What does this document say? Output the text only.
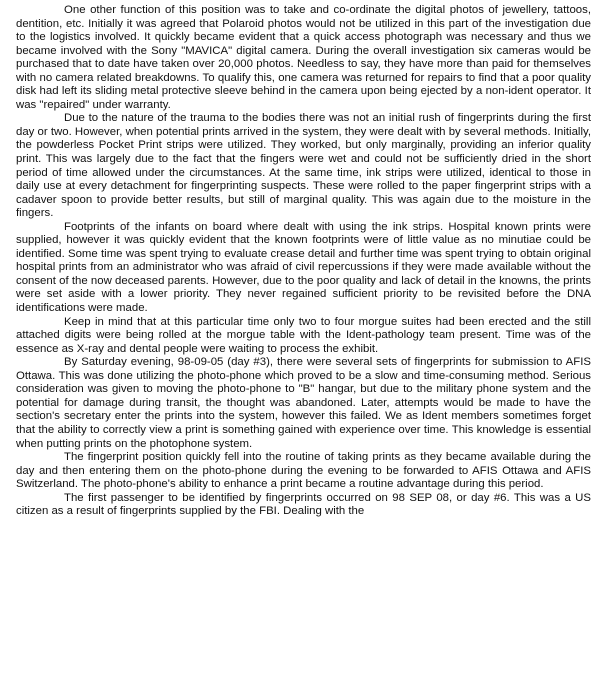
One other function of this position was to take and co-ordinate the digital photos of jewellery, tattoos, dentition, etc. Initially it was agreed that Polaroid photos would not be utilized in this part of the investigation due to the logistics involved. It quickly became evident that a quick access photograph was necessary and thus we became involved with the Sony "MAVICA" digital camera. During the overall investigation six cameras would be purchased that to date have taken over 20,000 photos. Needless to say, they have more than paid for themselves with no camera related breakdowns. To qualify this, one camera was returned for repairs to find that a poor quality disk had left its sliding metal protective sleeve behind in the camera upon being ejected by a non-ident operator. It was "repaired" under warranty.

Due to the nature of the trauma to the bodies there was not an initial rush of fingerprints during the first day or two. However, when potential prints arrived in the system, they were dealt with by several methods. Initially, the powderless Pocket Print strips were utilized. They worked, but only marginally, providing an inferior quality print. This was largely due to the fact that the fingers were wet and could not be sufficiently dried in the short period of time allowed under the circumstances. At the same time, ink strips were utilized, identical to those in daily use at every detachment for fingerprinting suspects. These were rolled to the paper fingerprint strips with a cadaver spoon to provide better results, but still of marginal quality. This was again due to the moisture in the fingers.

Footprints of the infants on board where dealt with using the ink strips. Hospital known prints were supplied, however it was quickly evident that the known footprints were of little value as no minutiae could be identified. Some time was spent trying to evaluate crease detail and further time was spent trying to obtain original hospital prints from an administrator who was afraid of civil repercussions if they were made available without the consent of the now deceased parents. However, due to the poor quality and lack of detail in the knowns, the prints were set aside with a lower priority. They never regained sufficient priority to be revisited before the DNA identifications were made.

Keep in mind that at this particular time only two to four morgue suites had been erected and the still attached digits were being rolled at the morgue table with the Ident-pathology team present. Time was of the essence as X-ray and dental people were waiting to process the exhibit.

By Saturday evening, 98-09-05 (day #3), there were several sets of fingerprints for submission to AFIS Ottawa. This was done utilizing the photo-phone which proved to be a slow and time-consuming method. Serious consideration was given to moving the photo-phone to "B" hangar, but due to the military phone system and the potential for damage during transit, the thought was abandoned. Later, attempts would be made to have the section's secretary enter the prints into the system, however this failed. We as Ident members sometimes forget that the ability to correctly view a print is something gained with experience over time. This knowledge is essential when putting prints on the photophone system.

The fingerprint position quickly fell into the routine of taking prints as they became available during the day and then entering them on the photo-phone during the evening to be forwarded to AFIS Ottawa and AFIS Switzerland. The photo-phone's ability to enhance a print became a routine advantage during this period.

The first passenger to be identified by fingerprints occurred on 98 SEP 08, or day #6. This was a US citizen as a result of fingerprints supplied by the FBI. Dealing with the
